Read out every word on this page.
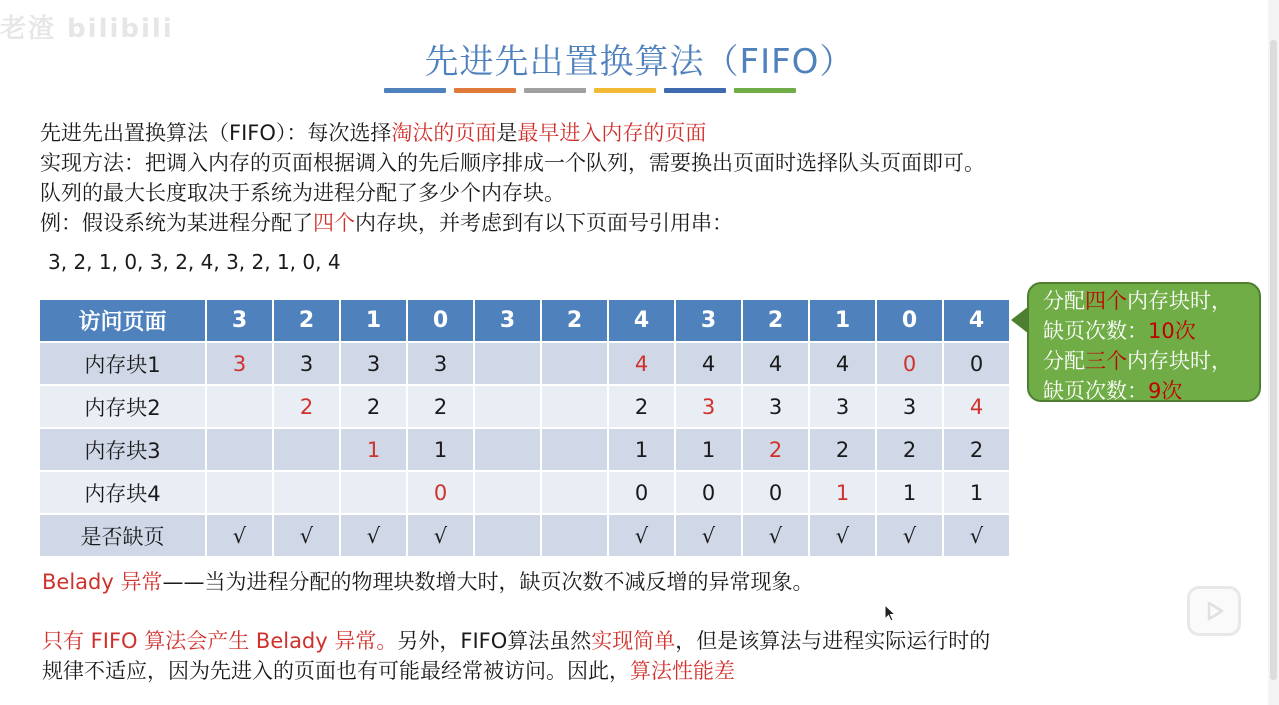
老渣 bilibili
先进先出置换算法（FIFO）
先进先出置换算法（FIFO）：每次选择淘汰的页面是最早进入内存的页面
实现方法：把调入内存的页面根据调入的先后顺序排成一个队列，需要换出页面时选择队头页面即可。
队列的最大长度取决于系统为进程分配了多少个内存块。
例：假设系统为某进程分配了四个内存块，并考虑到有以下页面号引用串：
3, 2, 1, 0, 3, 2, 4, 3, 2, 1, 0, 4
访问页面	3	2	1	0	3	2	4	3	2	1	0	4
内存块1	3	3	3	3			4	4	4	4	0	0
内存块2		2	2	2			2	3	3	3	3	4
内存块3			1	1			1	1	2	2	2	2
内存块4				0			0	0	0	1	1	1
是否缺页	√	√	√	√			√	√	√	√	√	√
分配四个内存块时，
缺页次数：10次
分配三个内存块时，
缺页次数：9次
Belady 异常——当为进程分配的物理块数增大时，缺页次数不减反增的异常现象。
只有 FIFO 算法会产生 Belady 异常。另外，FIFO算法虽然实现简单，但是该算法与进程实际运行时的
规律不适应，因为先进入的页面也有可能最经常被访问。因此，算法性能差
